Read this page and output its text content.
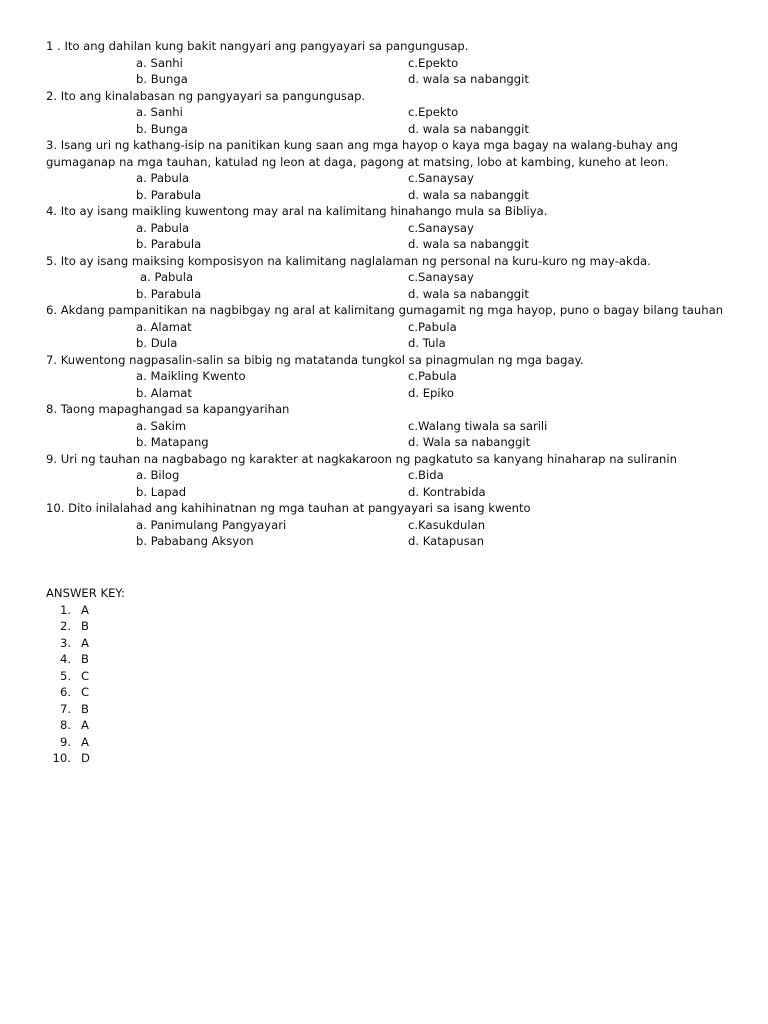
1 . Ito ang dahilan kung bakit nangyari ang pangyayari sa pangungusap.
a. Sanhi	c.Epekto
b. Bunga	d. wala sa nabanggit
2. Ito ang kinalabasan ng pangyayari sa pangungusap.
a. Sanhi	c.Epekto
b. Bunga	d. wala sa nabanggit
3. Isang uri ng kathang-isip na panitikan kung saan ang mga hayop o kaya mga bagay na walang-buhay ang gumaganap na mga tauhan, katulad ng leon at daga, pagong at matsing, lobo at kambing, kuneho at leon.
a. Pabula	c.Sanaysay
b. Parabula	d. wala sa nabanggit
4. Ito ay isang maikling kuwentong may aral na kalimitang hinahango mula sa Bibliya.
a. Pabula	c.Sanaysay
b. Parabula	d. wala sa nabanggit
5. Ito ay isang maiksing komposisyon na kalimitang naglalaman ng personal na kuru-kuro ng may-akda.
a. Pabula	c.Sanaysay
b. Parabula	d. wala sa nabanggit
6. Akdang pampanitikan na nagbibgay ng aral at kalimitang gumagamit ng mga hayop, puno o bagay bilang tauhan
a. Alamat	c.Pabula
b. Dula	d. Tula
7. Kuwentong nagpasalin-salin sa bibig ng matatanda tungkol sa pinagmulan ng mga bagay.
a. Maikling Kwento	c.Pabula
b. Alamat	d. Epiko
8. Taong mapaghangad sa kapangyarihan
a. Sakim	c.Walang tiwala sa sarili
b. Matapang	d. Wala sa nabanggit
9. Uri ng tauhan na nagbabago ng karakter at nagkakaroon ng pagkatuto sa kanyang hinaharap na suliranin
a. Bilog	c.Bida
b. Lapad	d. Kontrabida
10. Dito inilalahad ang kahihinatnan ng mga tauhan at pangyayari sa isang kwento
a. Panimulang Pangyayari	c.Kasukdulan
b. Pababang Aksyon	d. Katapusan
ANSWER KEY:
1. A
2. B
3. A
4. B
5. C
6. C
7. B
8. A
9. A
10. D
